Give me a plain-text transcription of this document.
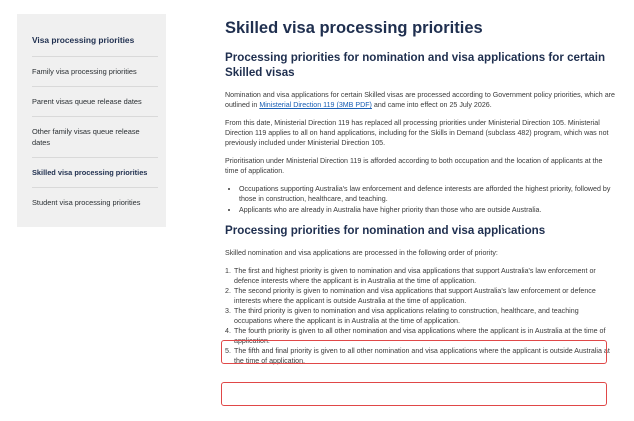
Visa processing priorities
Family visa processing priorities
Parent visas queue release dates
Other family visas queue release dates
Skilled visa processing priorities
Student visa processing priorities
Skilled visa processing priorities
Processing priorities for nomination and visa applications for certain Skilled visas

Nomination and visa applications for certain Skilled visas are processed according to Government policy priorities, which are outlined in Ministerial Direction 119 (3MB PDF) and came into effect on 25 July 2026.

From this date, Ministerial Direction 119 has replaced all processing priorities under Ministerial Direction 105. Ministerial Direction 119 applies to all on hand applications, including for the Skills in Demand (subclass 482) program, which was not previously included under Ministerial Direction 105.

Prioritisation under Ministerial Direction 119 is afforded according to both occupation and the location of applicants at the time of application.

• Occupations supporting Australia's law enforcement and defence interests are afforded the highest priority, followed by those in construction, healthcare, and teaching.
• Applicants who are already in Australia have higher priority than those who are outside Australia.
Processing priorities for nomination and visa applications

Skilled nomination and visa applications are processed in the following order of priority:

1. The first and highest priority is given to nomination and visa applications that support Australia's law enforcement or defence interests where the applicant is in Australia at the time of application.
2. The second priority is given to nomination and visa applications that support Australia's law enforcement or defence interests where the applicant is outside Australia at the time of application.
3. The third priority is given to nomination and visa applications relating to construction, healthcare, and teaching occupations where the applicant is in Australia at the time of application.
4. The fourth priority is given to all other nomination and visa applications where the applicant is in Australia at the time of application.
5. The fifth and final priority is given to all other nomination and visa applications where the applicant is outside Australia at the time of application.
